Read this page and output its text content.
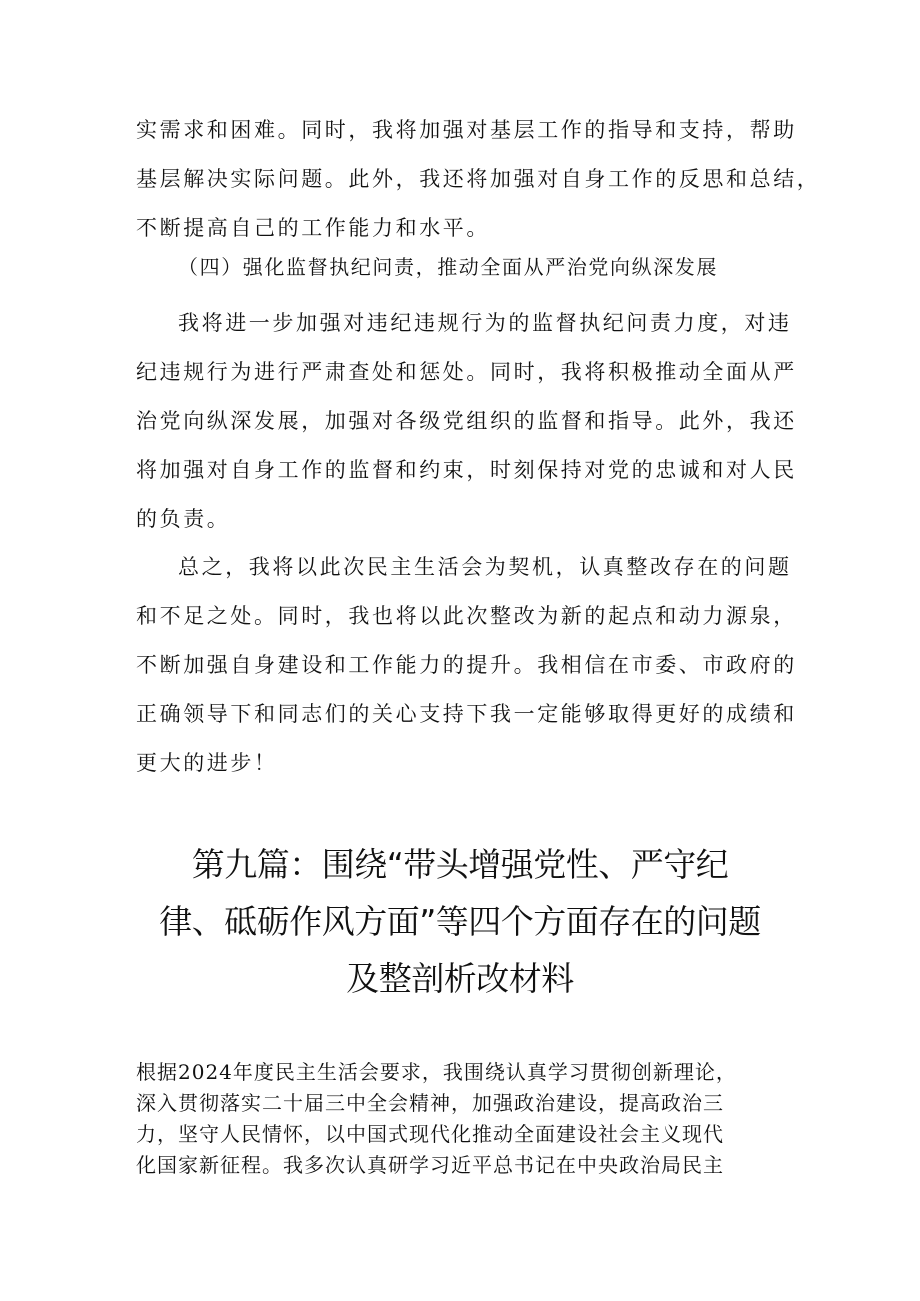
实需求和困难。同时，我将加强对基层工作的指导和支持，帮助
基层解决实际问题。此外，我还将加强对自身工作的反思和总结，
不断提高自己的工作能力和水平。
（四）强化监督执纪问责，推动全面从严治党向纵深发展
我将进一步加强对违纪违规行为的监督执纪问责力度，对违
纪违规行为进行严肃查处和惩处。同时，我将积极推动全面从严
治党向纵深发展，加强对各级党组织的监督和指导。此外，我还
将加强对自身工作的监督和约束，时刻保持对党的忠诚和对人民
的负责。
总之，我将以此次民主生活会为契机，认真整改存在的问题
和不足之处。同时，我也将以此次整改为新的起点和动力源泉，
不断加强自身建设和工作能力的提升。我相信在市委、市政府的
正确领导下和同志们的关心支持下我一定能够取得更好的成绩和
更大的进步！
第九篇：围绕“带头增强党性、严守纪
律、砥砺作风方面”等四个方面存在的问题
及整剖析改材料
根据2024年度民主生活会要求，我围绕认真学习贯彻创新理论，
深入贯彻落实二十届三中全会精神，加强政治建设，提高政治三
力，坚守人民情怀，以中国式现代化推动全面建设社会主义现代
化国家新征程。我多次认真研学习近平总书记在中央政治局民主
